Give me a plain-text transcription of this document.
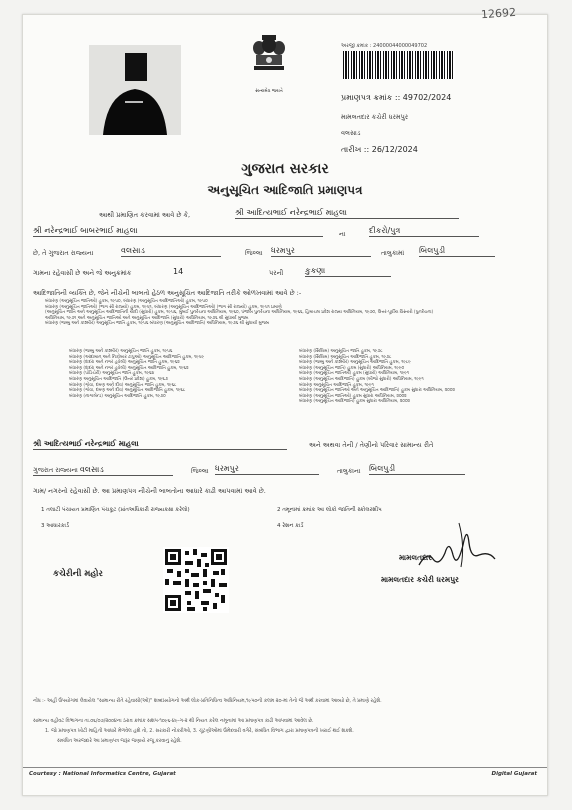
12692
સત્યમેવ જયતે
અરજી ક્રમાંક : 24000044000049702
પ્રમાણપત્ર ક્રમાંક :: 49702/2024
મામલતદાર કચેરી ધરમપુર
વલસાડ
તારીખ :: 26/12/2024
ગુજરાત સરકાર
અનુસૂચિત આદિજાતિ પ્રમાણપત્ર
આથી પ્રમાણિત કરવામાં આવે છે કે,	શ્રી આદિત્યભાઈ નરેન્દ્રભાઈ માહલા
શ્રી નરેન્દ્રભાઈ બાબરભાઈ માહલા	ના	દીકરો/પુત્ર
છે, તે ગુજરાત રાજ્યના	વલસાડ	જિલ્લા ધરમપુર	તાલુકામાં બિલપુડી
ગામના રહેવાસી છે અને જે અનુક્રમાંક	14	પરની	કુકણા
આદિજાતિની વ્યક્તિ છે, જેને નીચેની બાબતો હેઠળ અનુસૂચિત આદિજાતિ તરીકે ઓળખવામાં આવે છે :-
બંધારણ (અનુસૂચિત જાતિઓ) હુકમ, ૧૯૫૦, બંધારણ (અનુસૂચિત આદિજાતિઓ) હુકમ, ૧૯૫૦
બંધારણ (અનુસૂચિત જાતિઓ) (ભાગ સી રાજ્યો) હુકમ, ૧૯૫૧, બંધારણ (અનુસૂચિત આદિજાતિઓ) (ભાગ સી રાજ્યો) હુકમ, ૧૯૫૧ પ્રમાણે
(અનુસૂચિત જાતિ અને અનુસૂચિત આદિજાતિની યાદી (સુધારો) હુકમ, ૧૯૫૬, મુંબઈ પુનર્રચના અધિનિયમ, ૧૯૬૦, પંજાબ પુનર્રચના અધિનિયમ, ૧૯૬૬, હિમાચલ પ્રદેશ રાજ્ય અધિનિયમ, ૧૯૭૦, ઉત્તર-પૂર્વીય વિસ્તારો (પુનર્રચના)
અધિનિયમ, ૧૯૭૧ અને અનુસૂચિત જાતિઓ અને અનુસૂચિત આદિજાતિ (સુધારો) અધિનિયમ, ૧૯૭૬ થી સુધાર્યા મુજબ
બંધારણ (જમ્મુ અને કાશ્મીર) અનુસૂચિત જાતિ હુકમ, ૧૯૫૬ બંધારણ (અનુસૂચિત આદિજાતિ) અધિનિયમ, ૧૯૭૬ થી સુધાર્યા મુજબ
બંધારણ (જમ્મુ અને કાશ્મીર) અનુસૂચિત જાતિ હુકમ, ૧૯૫૬
બંધારણ (આંદામાન અને નિકોબાર ટાપુઓ) અનુસૂચિત આદિજાતિ હુકમ, ૧૯૫૯
બંધારણ (દાદરા અને નગર હવેલી) અનુસૂચિત જાતિ હુકમ, ૧૯૬૨
બંધારણ (દાદરા અને નગર હવેલી) અનુસૂચિત આદિજાતિ હુકમ, ૧૯૬૨
બંધારણ (પોંડિચેરી) અનુસૂચિત જાતિ હુકમ, ૧૯૬૪
બંધારણ અનુસૂચિત આદિજાતિ (ઉત્તર પ્રદેશ) હુકમ, ૧૯૬૭
બંધારણ (ગોવા, દમણ અને દીવ) અનુસૂચિત જાતિ હુકમ, ૧૯૬૮
બંધારણ (ગોવા, દમણ અને દીવ) અનુસૂચિત આદિજાતિ હુકમ, ૧૯૬૮
બંધારણ (નાગાલેન્ડ) અનુસૂચિત આદિજાતિ હુકમ, ૧૯૭૦
બંધારણ (સિક્કિમ) અનુસૂચિત જાતિ હુકમ, ૧૯૭૮
બંધારણ (સિક્કિમ) અનુસૂચિત આદિજાતિ હુકમ, ૧૯૭૮
બંધારણ (જમ્મુ અને કાશ્મીર) અનુસૂચિત આદિજાતિ હુકમ, ૧૯૮૯
બંધારણ (અનુસૂચિત જાતિ) હુકમ (સુધારો) અધિનિયમ, ૧૯૯૦
બંધારણ (અનુસૂચિત જાતિઓ) હુકમ (સુધારો) અધિનિયમ, ૧૯૯૧
બંધારણ (અનુસૂચિત આદિજાતિ) હુકમ (બીજો સુધારો) અધિનિયમ, ૧૯૯૧
બંધારણ અનુસૂચિત આદિજાતિ હુકમ, ૧૯૯૧
બંધારણ (અનુસૂચિત જાતિઓ અને અનુસૂચિત આદિજાતિ) હુકમ સુધારા અધિનિયમ, ૨૦૦૨
બંધારણ (અનુસૂચિત જાતિઓ) હુકમ સુધારા અધિનિયમ, ૨૦૦૨
બંધારણ (અનુસૂચિત આદિજાતિ) હુકમ સુધારા અધિનિયમ, ૨૦૦૨
શ્રી આદિત્યભાઈ નરેન્દ્રભાઈ માહલા	અને અથવા તેની / તેણીનો પરિવાર સામાન્ય રીતે
ગુજરાત રાજ્યના વલસાડ	જિલ્લા ધરમપુર	તાલુકાના બિલપુડી
ગામ/ નગરનો રહેવાસી છે. આ પ્રમાણપત્ર નીચેની બાબતોના આધારે કાઢી આપવામાં આવે છે.
1 તલાટી પંચાયત પ્રમાણિત પંચકૂટ (પ્રાંતઅધિકારી રાજ્યકક્ષા કરેલો)	2 તમૂનામાં ક્રમાંક આ લોકો જાતિની સ્કોલરશીપ
3 આધારકાર્ડ	4 રેશન કાર્ડ
કચેરીની મહોર
મામલતદાર
મામલતદાર કચેરી ધરમપુર
નોંધ :- અહીં ઉપયોગમાં લેવાયેલ "સામાન્ય રીતે રહેવાસી(ઓ)" શબ્દપ્રયોગનો અર્થ લોક-પ્રતિનિધિત્વ અધિનિયમ,૧૯૫૦ની કલમ ૨૦-માં તેનો જે અર્થ કરવામાં આવ્યો છે, તે પ્રમાણે રહેશે.
સામાન્ય વહીવટ વિભાગના તા.૦૬/૦૭/૨૦૦૪ના ઠરાવ ક્રમાંક સશપ-૧૦૯૬-૪૯-ગ-૨ થી નિયત કરેલ નમૂનામાં આ પ્રમાણપત્ર કાઢી આપવામાં આવેલ છે.
1. જો પ્રમાણપત્ર ખોટી માહિતી આધારે મેળવેલ હશે તો, 2. સરકારી નોકરીઓ, 3. ચૂંટણીઓમાં ઉમેદવારી વગેરે, સંબંધિત વિભાગ દ્વારા પ્રમાણપત્રની ખરાઈ થઈ શકશે.
સંબંધિત અરજદારે આ પ્રમાણપત્ર જરૂર જણાયે રજૂ કરવાનું રહેશે.
Courtesy : National Informatics Centre, Gujarat	Digital Gujarat
